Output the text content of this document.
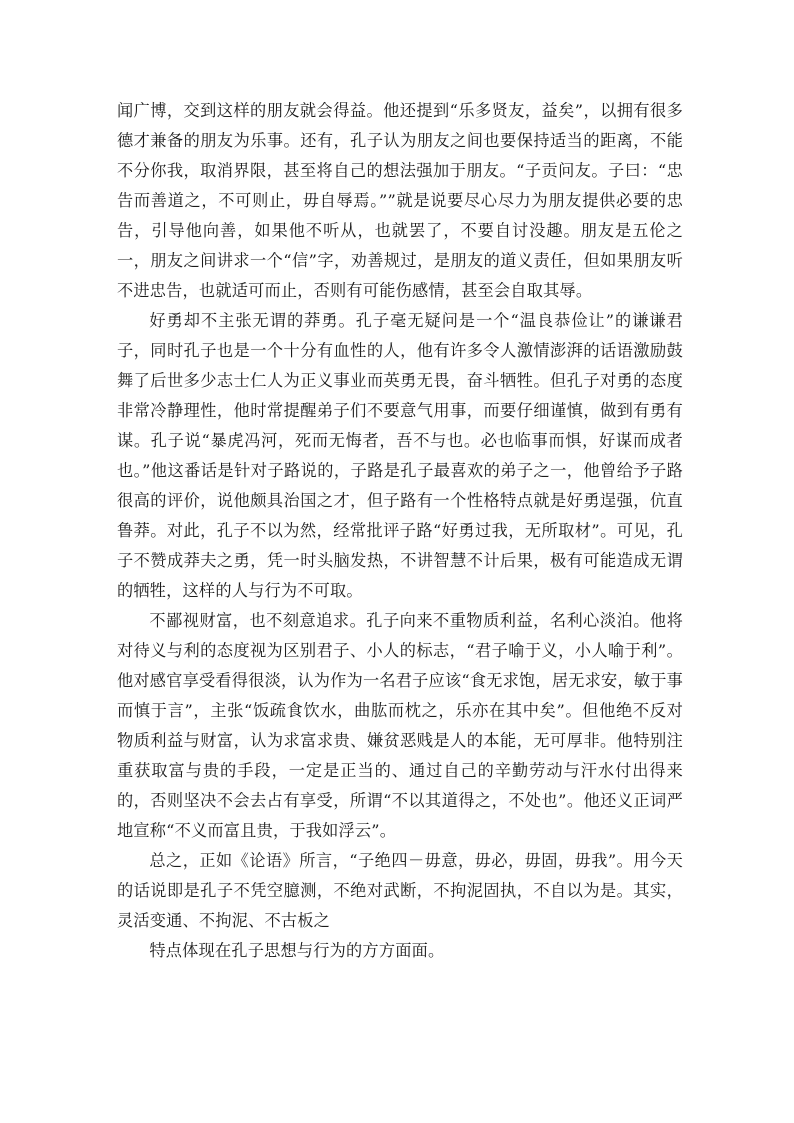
闻广博，交到这样的朋友就会得益。他还提到“乐多贤友，益矣”，以拥有很多德才兼备的朋友为乐事。还有，孔子认为朋友之间也要保持适当的距离，不能不分你我，取消界限，甚至将自己的想法强加于朋友。“子贡问友。子曰：“忠告而善道之，不可则止，毋自辱焉。””就是说要尽心尽力为朋友提供必要的忠告，引导他向善，如果他不听从，也就罢了，不要自讨没趣。朋友是五伦之一，朋友之间讲求一个“信”字，劝善规过，是朋友的道义责任，但如果朋友听不进忠告，也就适可而止，否则有可能伤感情，甚至会自取其辱。

好勇却不主张无谓的莽勇。孔子毫无疑问是一个“温良恭俭让”的谦谦君子，同时孔子也是一个十分有血性的人，他有许多令人激情澎湃的话语激励鼓舞了后世多少志士仁人为正义事业而英勇无畏，奋斗牺牲。但孔子对勇的态度非常冷静理性，他时常提醒弟子们不要意气用事，而要仔细谨慎，做到有勇有谋。孔子说“暴虎冯河，死而无悔者，吾不与也。必也临事而惧，好谋而成者也。”他这番话是针对子路说的，子路是孔子最喜欢的弟子之一，他曾给予子路很高的评价，说他颇具治国之才，但子路有一个性格特点就是好勇逞强，伉直鲁莽。对此，孔子不以为然，经常批评子路“好勇过我，无所取材”。可见，孔子不赞成莽夫之勇，凭一时头脑发热，不讲智慧不计后果，极有可能造成无谓的牺牲，这样的人与行为不可取。

不鄙视财富，也不刻意追求。孔子向来不重物质利益，名利心淡泊。他将对待义与利的态度视为区别君子、小人的标志，“君子喻于义，小人喻于利”。他对感官享受看得很淡，认为作为一名君子应该“食无求饱，居无求安，敏于事而慎于言”，主张“饭疏食饮水，曲肱而枕之，乐亦在其中矣”。但他绝不反对物质利益与财富，认为求富求贵、嫌贫恶贱是人的本能，无可厚非。他特别注重获取富与贵的手段，一定是正当的、通过自己的辛勤劳动与汗水付出得来的，否则坚决不会去占有享受，所谓“不以其道得之，不处也”。他还义正词严地宣称“不义而富且贵，于我如浮云”。

总之，正如《论语》所言，“子绝四－毋意，毋必，毋固，毋我”。用今天的话说即是孔子不凭空臆测，不绝对武断，不拘泥固执，不自以为是。其实，灵活变通、不拘泥、不古板之

特点体现在孔子思想与行为的方方面面。
